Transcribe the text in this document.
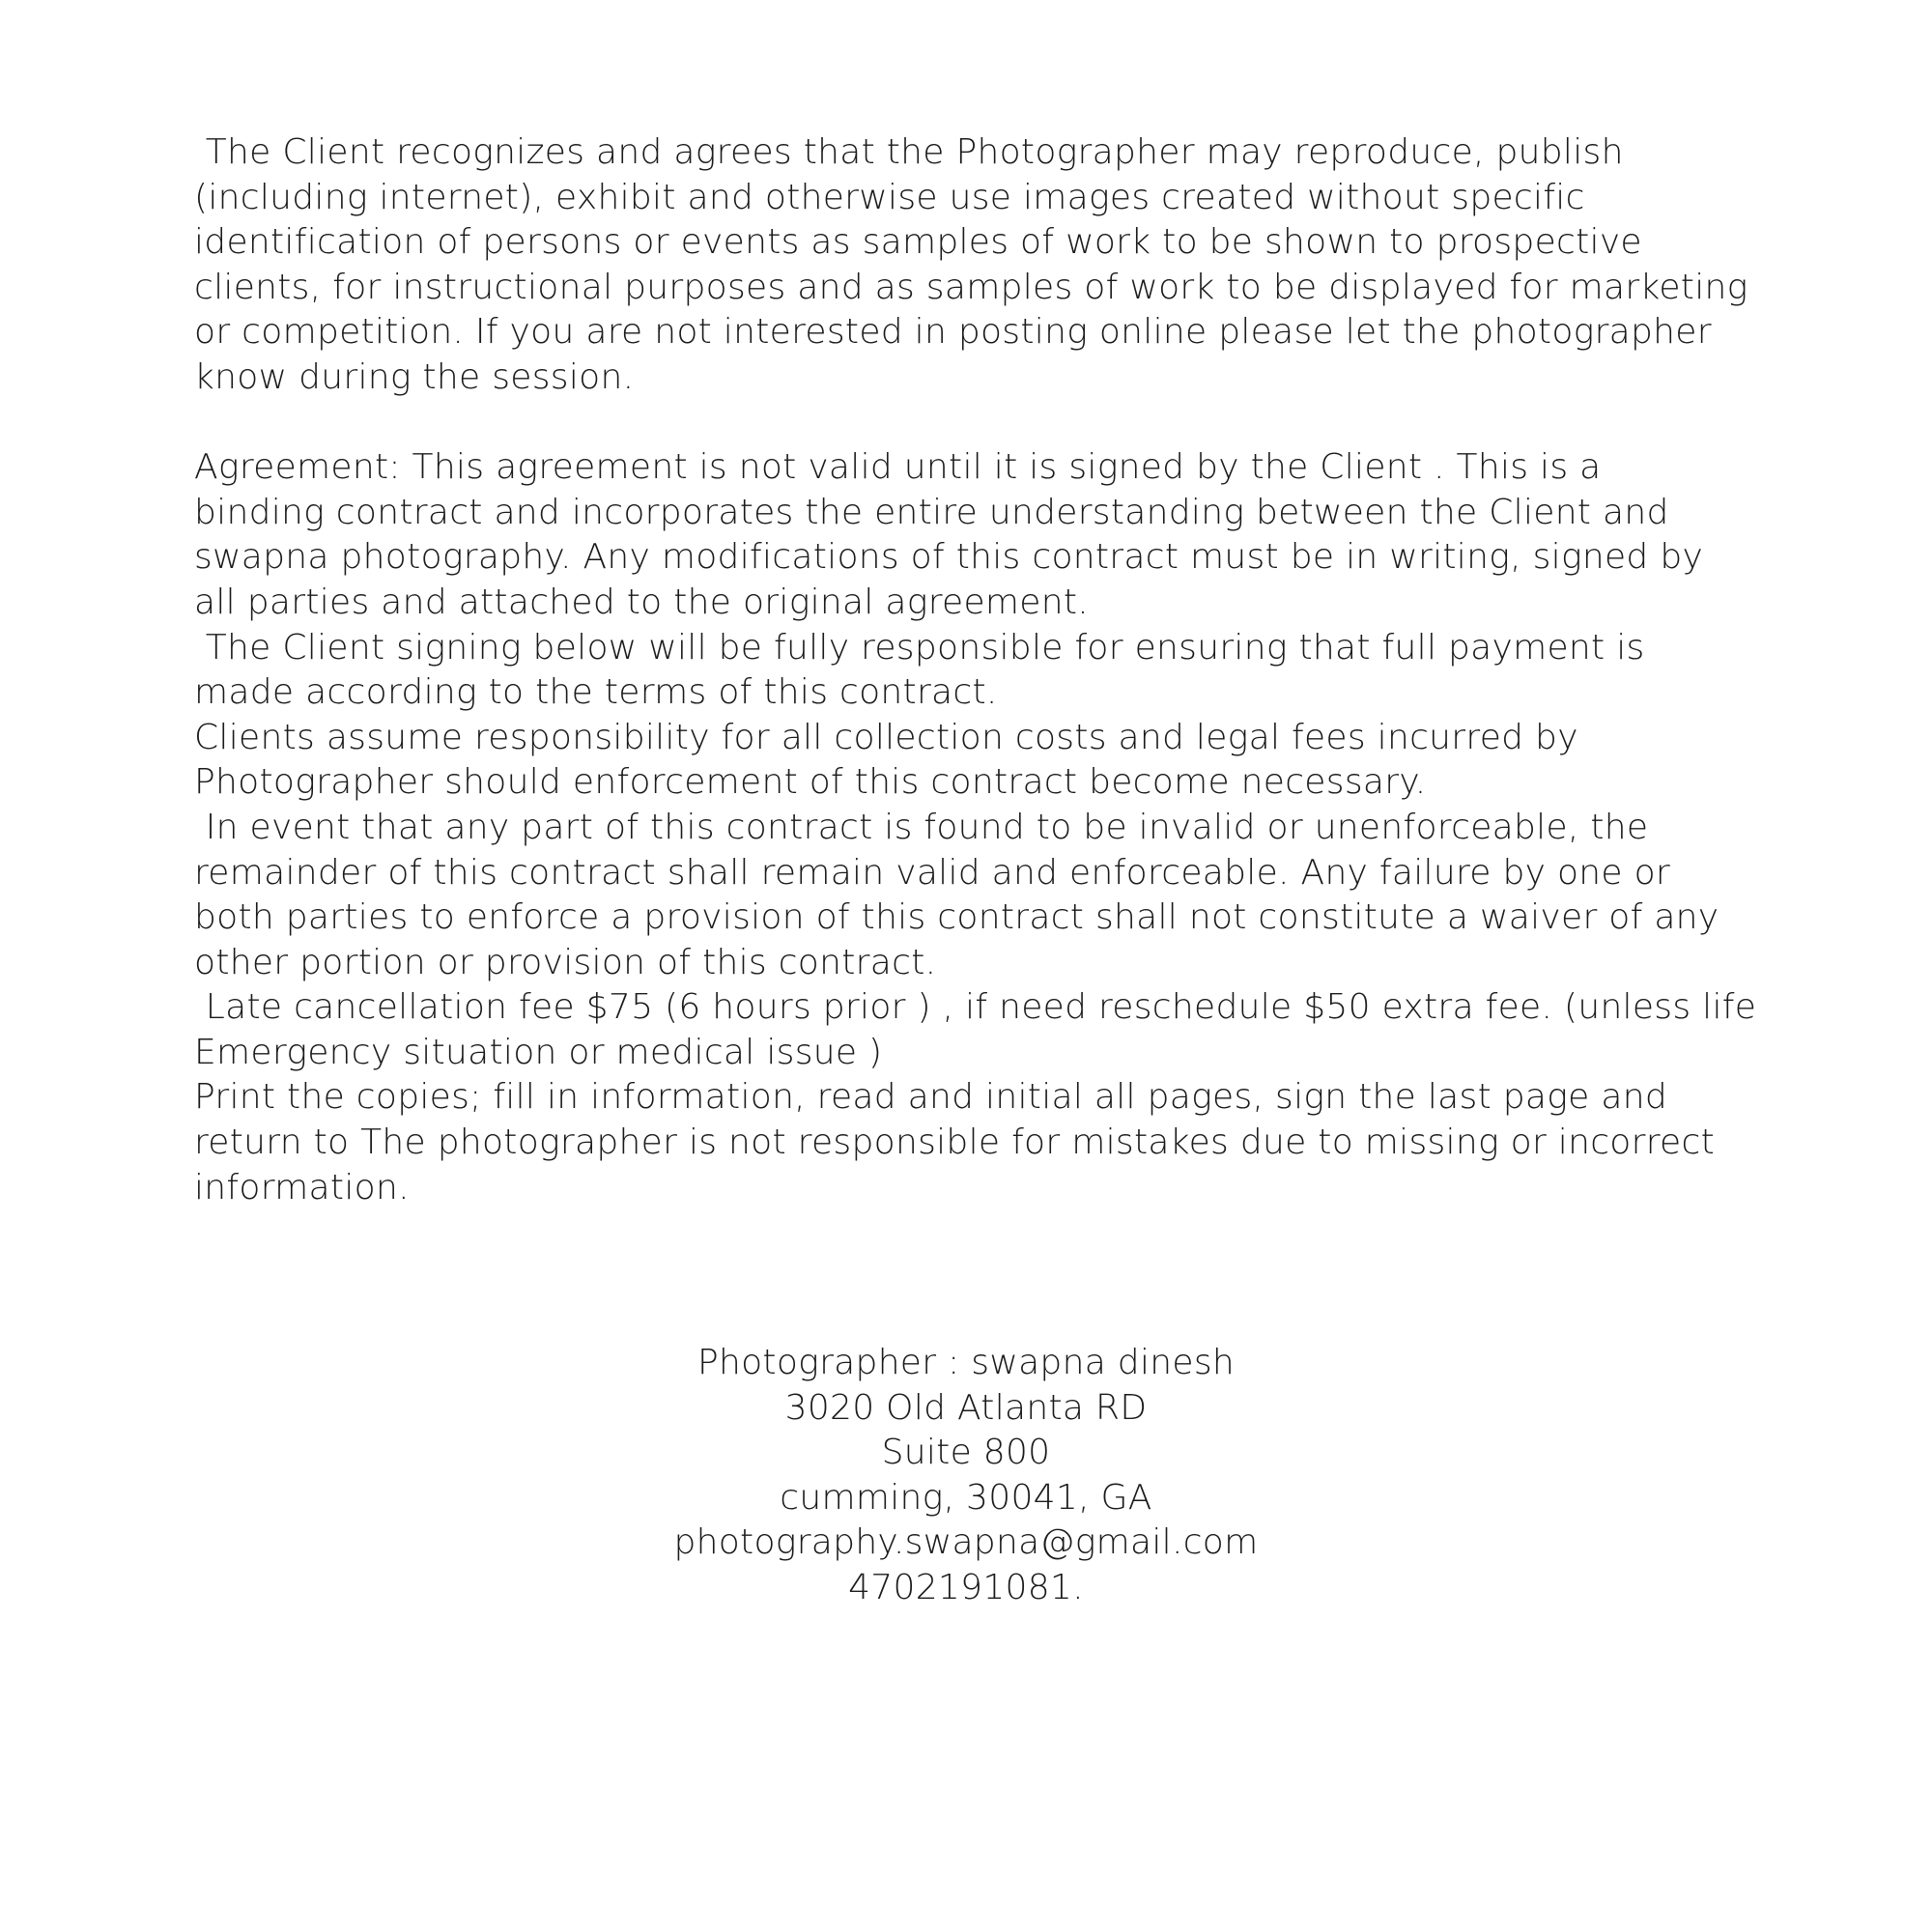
The Client recognizes and agrees that the Photographer may reproduce, publish
(including internet), exhibit and otherwise use images created without specific
identification of persons or events as samples of work to be shown to prospective
clients, for instructional purposes and as samples of work to be displayed for marketing
or competition. If you are not interested in posting online please let the photographer
know during the session.
Agreement: This agreement is not valid until it is signed by the Client . This is a
binding contract and incorporates the entire understanding between the Client and
swapna photography. Any modifications of this contract must be in writing, signed by
all parties and attached to the original agreement.
The Client signing below will be fully responsible for ensuring that full payment is
made according to the terms of this contract.
Clients assume responsibility for all collection costs and legal fees incurred by
Photographer should enforcement of this contract become necessary.
In event that any part of this contract is found to be invalid or unenforceable, the
remainder of this contract shall remain valid and enforceable. Any failure by one or
both parties to enforce a provision of this contract shall not constitute a waiver of any
other portion or provision of this contract.
Late cancellation fee $75 (6 hours prior ) , if need reschedule $50 extra fee. (unless life
Emergency situation or medical issue )
Print the copies; fill in information, read and initial all pages, sign the last page and
return to The photographer is not responsible for mistakes due to missing or incorrect
information.
Photographer : swapna dinesh
3020 Old Atlanta RD
Suite 800
cumming, 30041, GA
photography.swapna@gmail.com
4702191081.
